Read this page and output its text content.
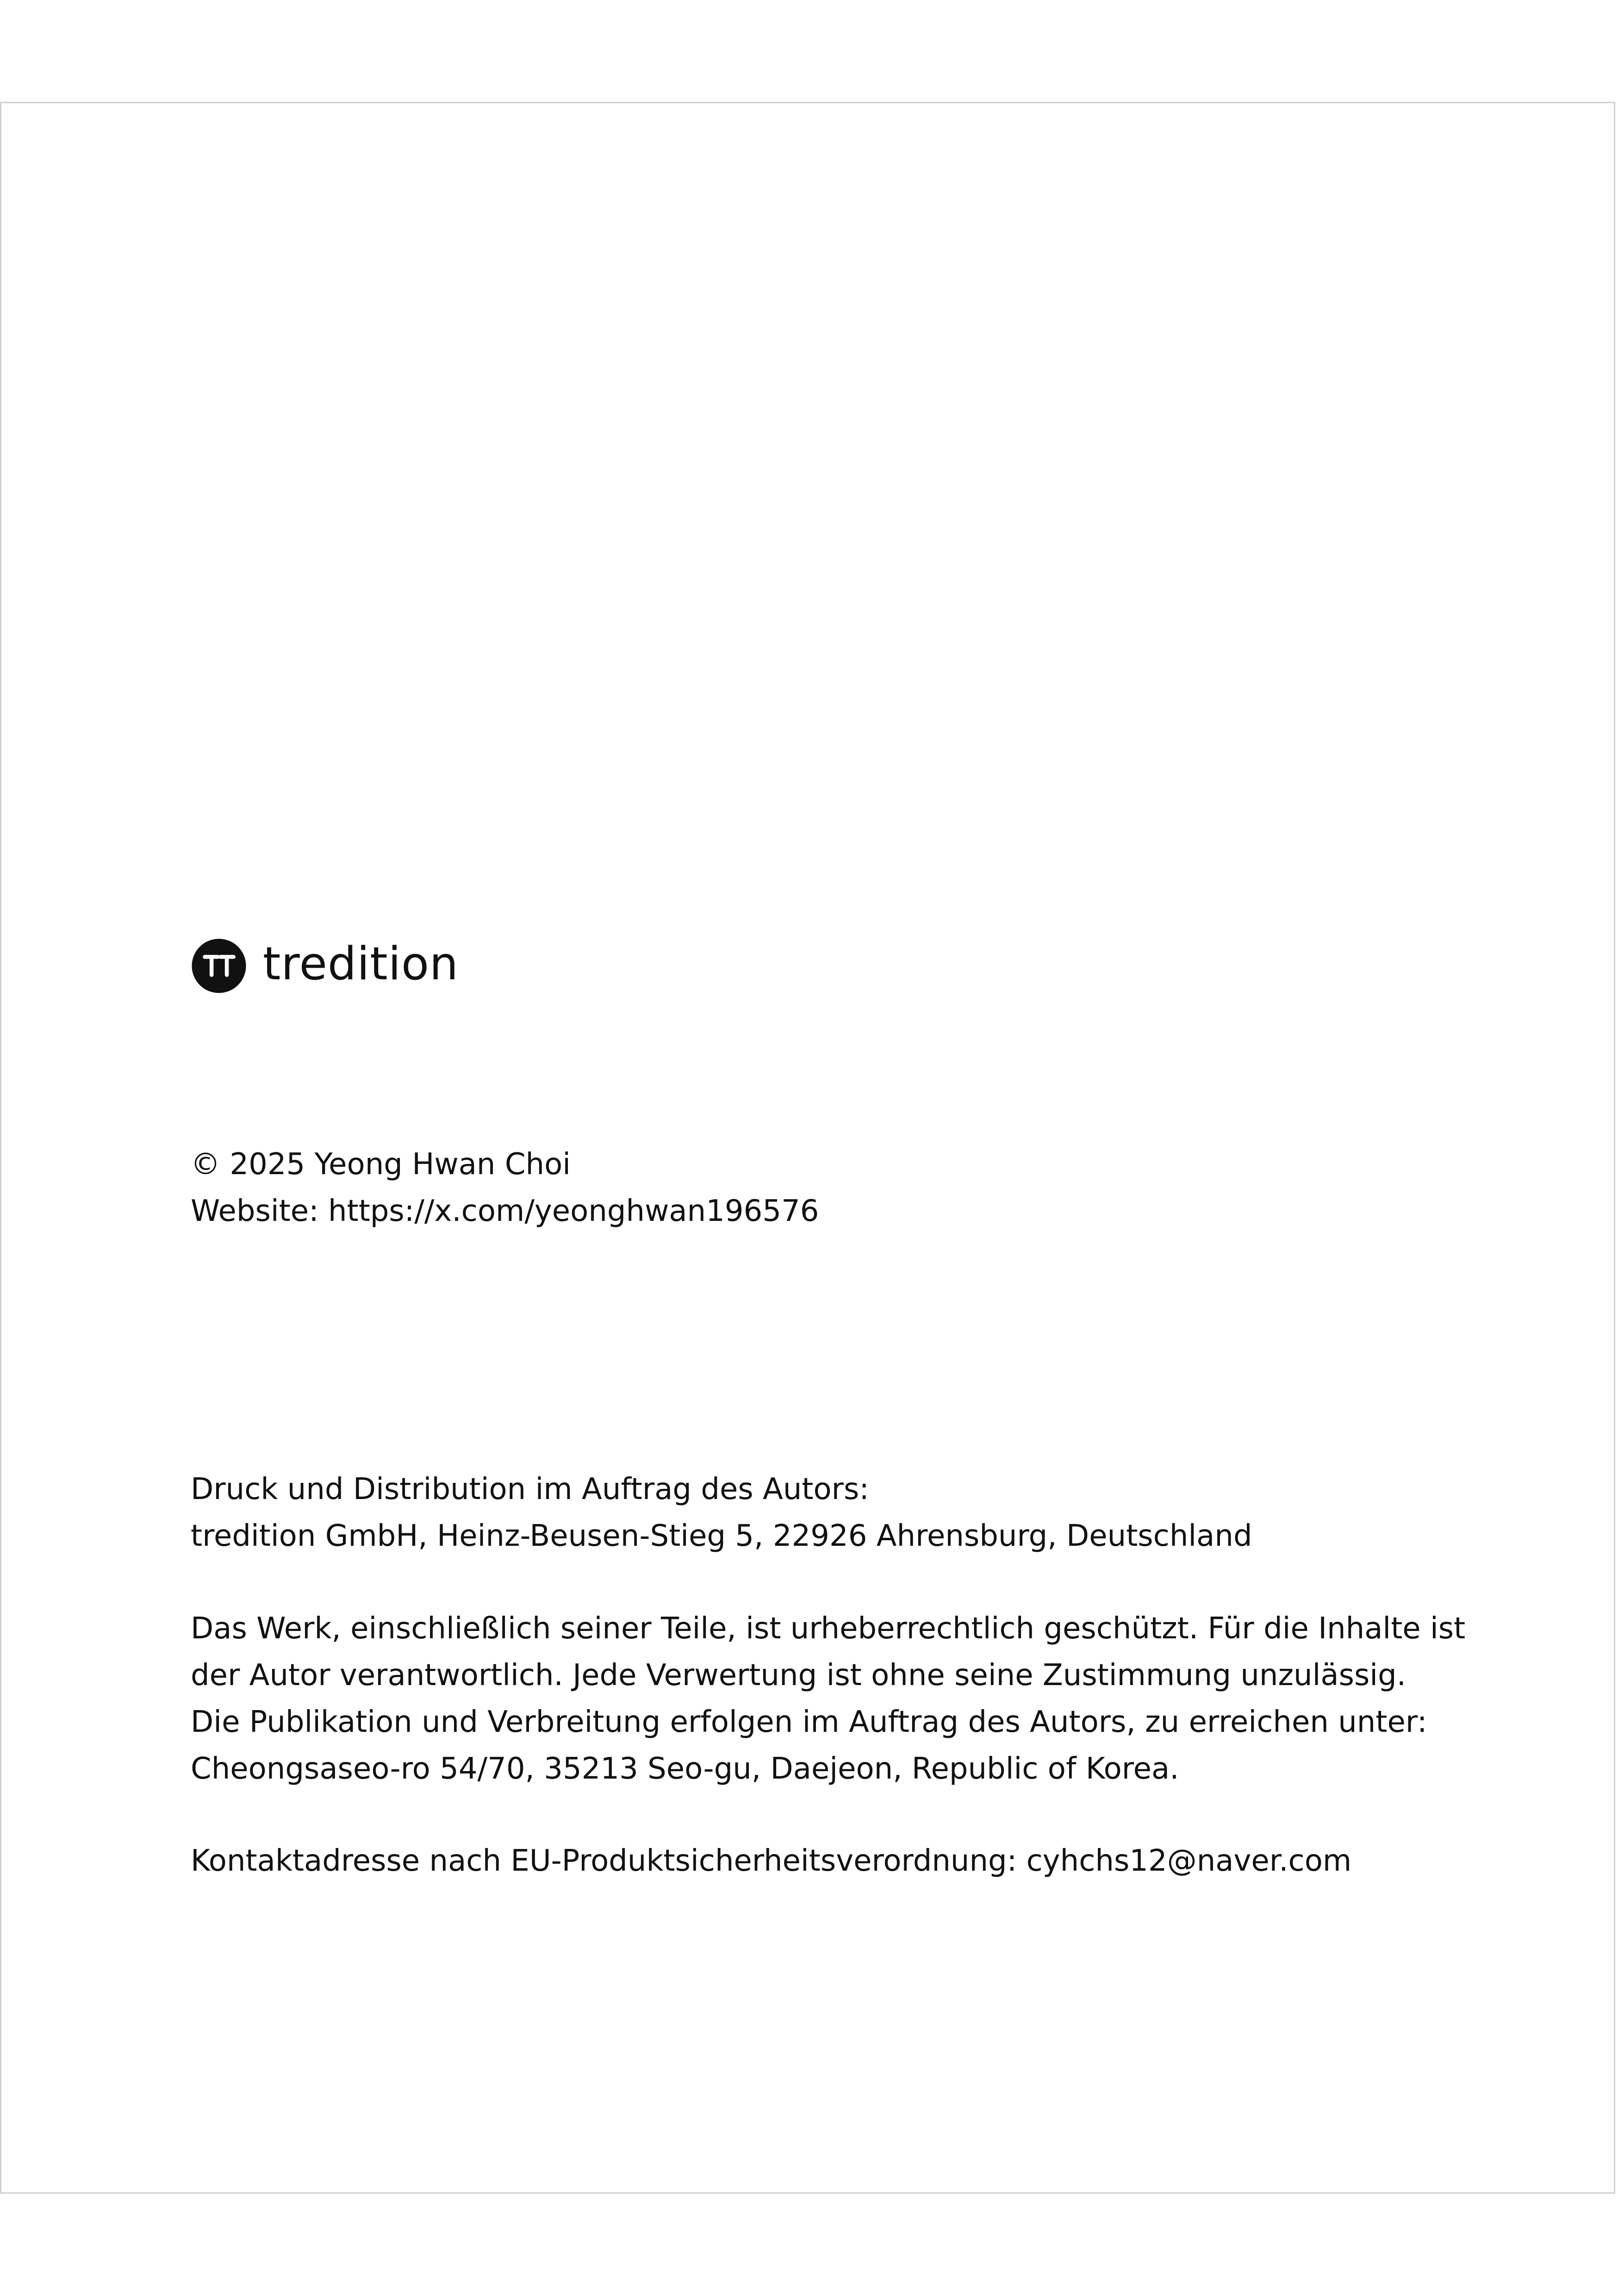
tredition
© 2025 Yeong Hwan Choi
Website: https://x.com/yeonghwan196576
Druck und Distribution im Auftrag des Autors:
tredition GmbH, Heinz-Beusen-Stieg 5, 22926 Ahrensburg, Deutschland
Das Werk, einschließlich seiner Teile, ist urheberrechtlich geschützt. Für die Inhalte ist
der Autor verantwortlich. Jede Verwertung ist ohne seine Zustimmung unzulässig.
Die Publikation und Verbreitung erfolgen im Auftrag des Autors, zu erreichen unter:
Cheongsaseo-ro 54/70, 35213 Seo-gu, Daejeon, Republic of Korea.
Kontaktadresse nach EU-Produktsicherheitsverordnung: cyhchs12@naver.com
